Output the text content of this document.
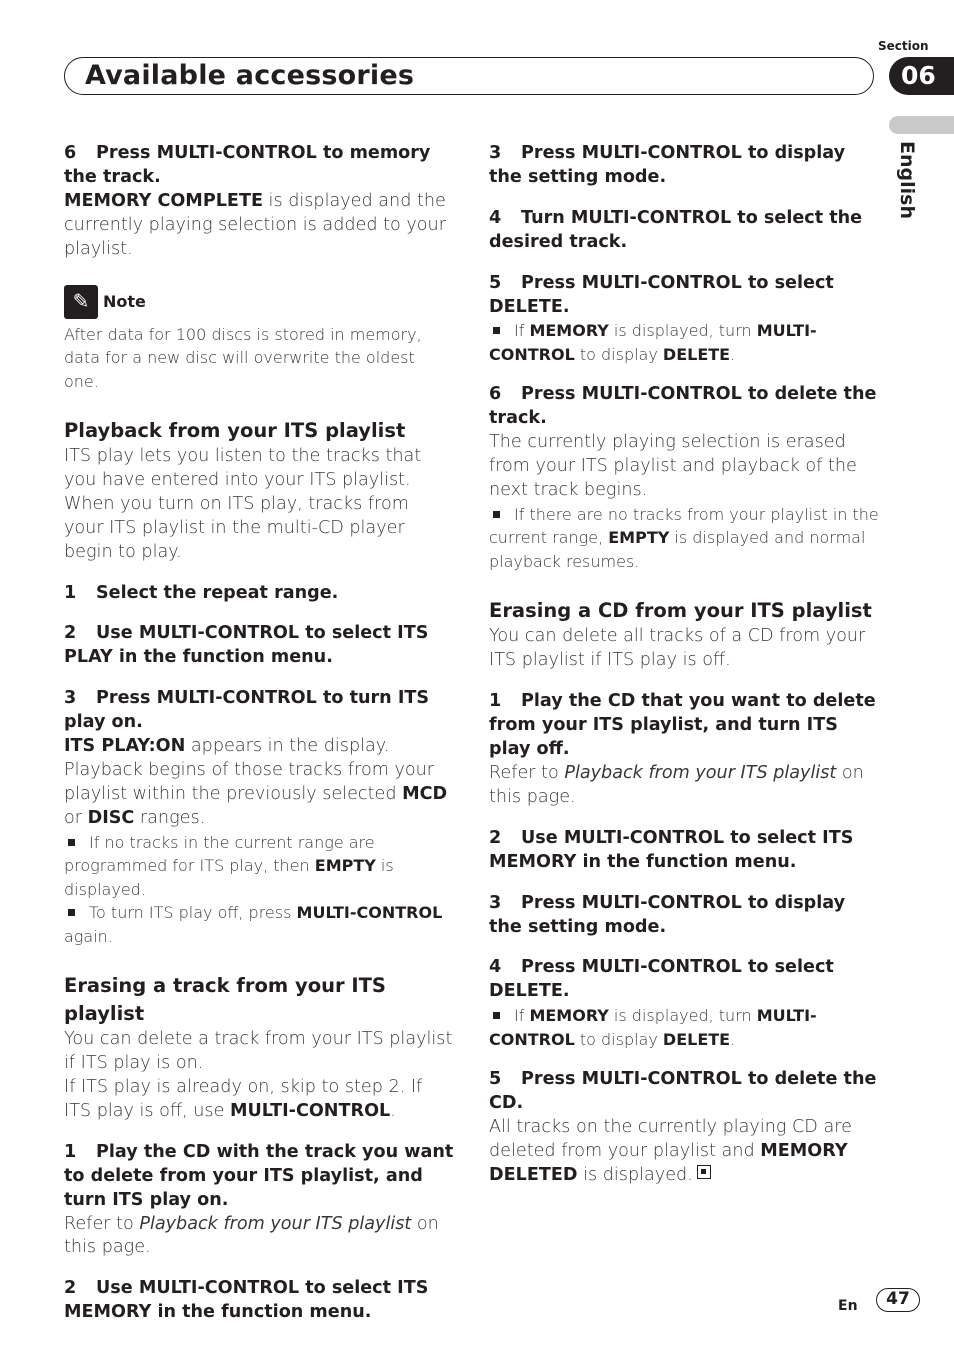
Section
Available accessories	06
English

6 Press MULTI-CONTROL to memory the track.

MEMORY COMPLETE is displayed and the currently playing selection is added to your playlist.

✎ Note

After data for 100 discs is stored in memory, data for a new disc will overwrite the oldest one.

Playback from your ITS playlist

ITS play lets you listen to the tracks that you have entered into your ITS playlist. When you turn on ITS play, tracks from your ITS playlist in the multi-CD player begin to play.

1 Select the repeat range.

2 Use MULTI-CONTROL to select ITS PLAY in the function menu.

3 Press MULTI-CONTROL to turn ITS play on.

ITS PLAY:ON appears in the display. Playback begins of those tracks from your playlist within the previously selected MCD or DISC ranges.

If no tracks in the current range are programmed for ITS play, then EMPTY is displayed.

To turn ITS play off, press MULTI-CONTROL again.

Erasing a track from your ITS playlist

You can delete a track from your ITS playlist if ITS play is on.

If ITS play is already on, skip to step 2. If ITS play is off, use MULTI-CONTROL.

1 Play the CD with the track you want to delete from your ITS playlist, and turn ITS play on.

Refer to Playback from your ITS playlist on this page.

2 Use MULTI-CONTROL to select ITS MEMORY in the function menu.

3 Press MULTI-CONTROL to display the setting mode.

4 Turn MULTI-CONTROL to select the desired track.

5 Press MULTI-CONTROL to select DELETE.

If MEMORY is displayed, turn MULTI-CONTROL to display DELETE.

6 Press MULTI-CONTROL to delete the track.

The currently playing selection is erased from your ITS playlist and playback of the next track begins.

If there are no tracks from your playlist in the current range, EMPTY is displayed and normal playback resumes.

Erasing a CD from your ITS playlist

You can delete all tracks of a CD from your ITS playlist if ITS play is off.

1 Play the CD that you want to delete from your ITS playlist, and turn ITS play off.

Refer to Playback from your ITS playlist on this page.

2 Use MULTI-CONTROL to select ITS MEMORY in the function menu.

3 Press MULTI-CONTROL to display the setting mode.

4 Press MULTI-CONTROL to select DELETE.

If MEMORY is displayed, turn MULTI-CONTROL to display DELETE.

5 Press MULTI-CONTROL to delete the CD.

All tracks on the currently playing CD are deleted from your playlist and MEMORY DELETED is displayed.

En	47
